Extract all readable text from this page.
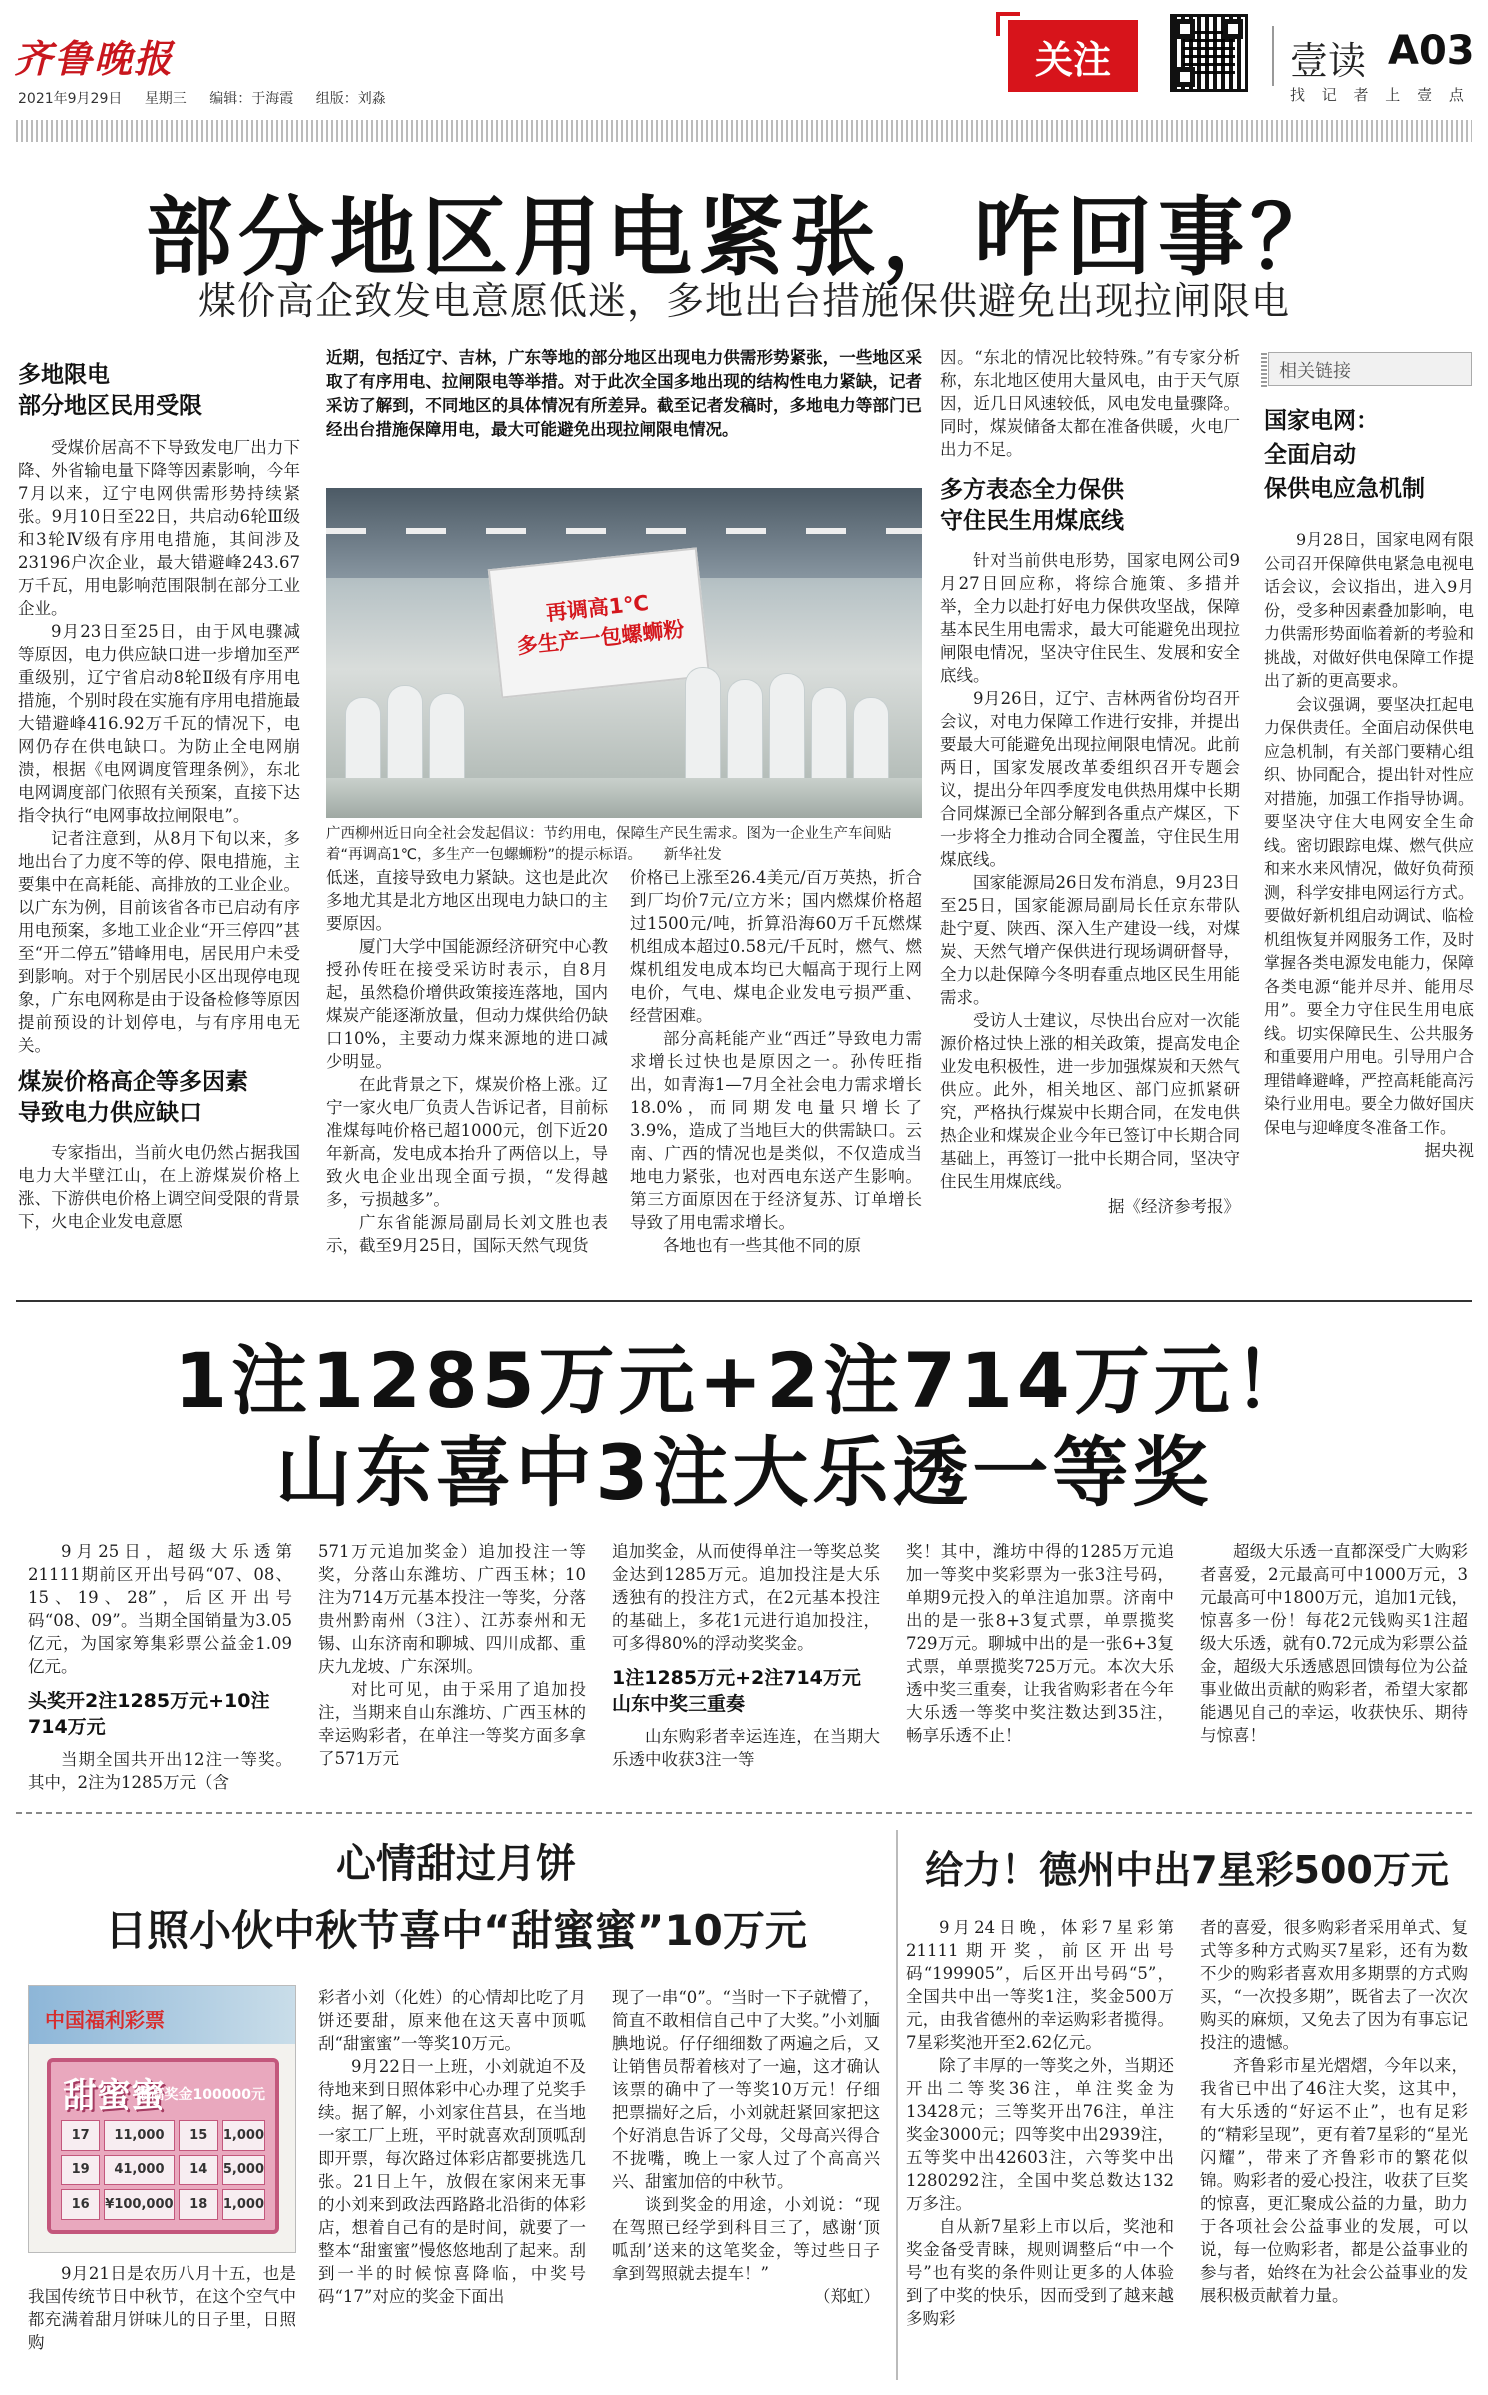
齐鲁晚报
2021年9月29日 星期三 编辑：于海霞 组版：刘淼
关注	壹读 A03
找 记 者 上 壹 点
部分地区用电紧张，咋回事？
煤价高企致发电意愿低迷，多地出台措施保供避免出现拉闸限电
多地限电
部分地区民用受限

受煤价居高不下导致发电厂出力下降、外省输电量下降等因素影响，今年7月以来，辽宁电网供需形势持续紧张。9月10日至22日，共启动6轮Ⅲ级和3轮Ⅳ级有序用电措施，其间涉及23196户次企业，最大错避峰243.67万千瓦，用电影响范围限制在部分工业企业。

9月23日至25日，由于风电骤减等原因，电力供应缺口进一步增加至严重级别，辽宁省启动8轮Ⅱ级有序用电措施，个别时段在实施有序用电措施最大错避峰416.92万千瓦的情况下，电网仍存在供电缺口。为防止全电网崩溃，根据《电网调度管理条例》，东北电网调度部门依照有关预案，直接下达指令执行“电网事故拉闸限电”。

记者注意到，从8月下旬以来，多地出台了力度不等的停、限电措施，主要集中在高耗能、高排放的工业企业。以广东为例，目前该省各市已启动有序用电预案，多地工业企业“开三停四”甚至“开二停五”错峰用电，居民用户未受到影响。对于个别居民小区出现停电现象，广东电网称是由于设备检修等原因提前预设的计划停电，与有序用电无关。

煤炭价格高企等多因素
导致电力供应缺口

专家指出，当前火电仍然占据我国电力大半壁江山，在上游煤炭价格上涨、下游供电价格上调空间受限的背景下，火电企业发电意愿

近期，包括辽宁、吉林，广东等地的部分地区出现电力供需形势紧张，一些地区采取了有序用电、拉闸限电等举措。对于此次全国多地出现的结构性电力紧缺，记者采访了解到，不同地区的具体情况有所差异。截至记者发稿时，多地电力等部门已经出台措施保障用电，最大可能避免出现拉闸限电情况。
再调高1℃
多生产一包螺蛳粉
广西柳州近日向全社会发起倡议：节约用电，保障生产民生需求。图为一企业生产车间贴着“再调高1℃，多生产一包螺蛳粉”的提示标语。　　新华社发

低迷，直接导致电力紧缺。这也是此次多地尤其是北方地区出现电力缺口的主要原因。

厦门大学中国能源经济研究中心教授孙传旺在接受采访时表示，自8月起，虽然稳价增供政策接连落地，国内煤炭产能逐渐放量，但动力煤供给仍缺口10%，主要动力煤来源地的进口减少明显。

在此背景之下，煤炭价格上涨。辽宁一家火电厂负责人告诉记者，目前标准煤每吨价格已超1000元，创下近20年新高，发电成本抬升了两倍以上，导致火电企业出现全面亏损，“发得越多，亏损越多”。

广东省能源局副局长刘文胜也表示，截至9月25日，国际天然气现货

价格已上涨至26.4美元/百万英热，折合到厂均价7元/立方米；国内燃煤价格超过1500元/吨，折算沿海60万千瓦燃煤机组成本超过0.58元/千瓦时，燃气、燃煤机组发电成本均已大幅高于现行上网电价，气电、煤电企业发电亏损严重、经营困难。

部分高耗能产业“西迁”导致电力需求增长过快也是原因之一。孙传旺指出，如青海1—7月全社会电力需求增长18.0%，而同期发电量只增长了3.9%，造成了当地巨大的供需缺口。云南、广西的情况也是类似，不仅造成当地电力紧张，也对西电东送产生影响。第三方面原因在于经济复苏、订单增长导致了用电需求增长。

各地也有一些其他不同的原

因。“东北的情况比较特殊。”有专家分析称，东北地区使用大量风电，由于天气原因，近几日风速较低，风电发电量骤降。同时，煤炭储备太都在准备供暖，火电厂出力不足。

多方表态全力保供
守住民生用煤底线

针对当前供电形势，国家电网公司9月27日回应称，将综合施策、多措并举，全力以赴打好电力保供攻坚战，保障基本民生用电需求，最大可能避免出现拉闸限电情况，坚决守住民生、发展和安全底线。

9月26日，辽宁、吉林两省份均召开会议，对电力保障工作进行安排，并提出要最大可能避免出现拉闸限电情况。此前两日，国家发展改革委组织召开专题会议，提出分年四季度发电供热用煤中长期合同煤源已全部分解到各重点产煤区，下一步将全力推动合同全覆盖，守住民生用煤底线。

国家能源局26日发布消息，9月23日至25日，国家能源局副局长任京东带队赴宁夏、陕西、深入生产建设一线，对煤炭、天然气增产保供进行现场调研督导，全力以赴保障今冬明春重点地区民生用能需求。

受访人士建议，尽快出台应对一次能源价格过快上涨的相关政策，提高发电企业发电积极性，进一步加强煤炭和天然气供应。此外，相关地区、部门应抓紧研究，严格执行煤炭中长期合同，在发电供热企业和煤炭企业今年已签订中长期合同基础上，再签订一批中长期合同，坚决守住民生用煤底线。

据《经济参考报》
相关链接
国家电网：
全面启动
保供电应急机制

9月28日，国家电网有限公司召开保障供电紧急电视电话会议，会议指出，进入9月份，受多种因素叠加影响，电力供需形势面临着新的考验和挑战，对做好供电保障工作提出了新的更高要求。

会议强调，要坚决扛起电力保供责任。全面启动保供电应急机制，有关部门要精心组织、协同配合，提出针对性应对措施，加强工作指导协调。要坚决守住大电网安全生命线。密切跟踪电煤、燃气供应和来水来风情况，做好负荷预测，科学安排电网运行方式。要做好新机组启动调试、临检机组恢复并网服务工作，及时掌握各类电源发电能力，保障各类电源“能并尽并、能用尽用”。要全力守住民生用电底线。切实保障民生、公共服务和重要用户用电。引导用户合理错峰避峰，严控高耗能高污染行业用电。要全力做好国庆保电与迎峰度冬准备工作。

据央视
1注1285万元+2注714万元！
山东喜中3注大乐透一等奖

9月25日，超级大乐透第21111期前区开出号码“07、08、15、19、28”，后区开出号码“08、09”。当期全国销量为3.05亿元，为国家筹集彩票公益金1.09亿元。

头奖开2注1285万元+10注714万元

当期全国共开出12注一等奖。其中，2注为1285万元（含

571万元追加奖金）追加投注一等奖，分落山东潍坊、广西玉林；10注为714万元基本投注一等奖，分落贵州黔南州（3注）、江苏泰州和无锡、山东济南和聊城、四川成都、重庆九龙坡、广东深圳。

对比可见，由于采用了追加投注，当期来自山东潍坊、广西玉林的幸运购彩者，在单注一等奖方面多拿了571万元

追加奖金，从而使得单注一等奖总奖金达到1285万元。追加投注是大乐透独有的投注方式，在2元基本投注的基础上，多花1元进行追加投注，可多得80%的浮动奖奖金。

1注1285万元+2注714万元
山东中奖三重奏

山东购彩者幸运连连，在当期大乐透中收获3注一等

奖！其中，潍坊中得的1285万元追加一等奖中奖彩票为一张3注号码，单期9元投入的单注追加票。济南中出的是一张8+3复式票，单票揽奖729万元。聊城中出的是一张6+3复式票，单票揽奖725万元。本次大乐透中奖三重奏，让我省购彩者在今年大乐透一等奖中奖注数达到35注，畅享乐透不止！

超级大乐透一直都深受广大购彩者喜爱，2元最高可中1000万元，3元最高可中1800万元，追加1元钱，惊喜多一份！每花2元钱购买1注超级大乐透，就有0.72元成为彩票公益金，超级大乐透感恩回馈每位为公益事业做出贡献的购彩者，希望大家都能遇见自己的幸运，收获快乐、期待与惊喜！

心情甜过月饼
日照小伙中秋节喜中“甜蜜蜜”10万元
中国福利彩票
甜蜜蜜
最高奖金100000元
17	11,000	15	1,000
19	41,000	14	5,000
16	¥100,000	18	1,000

9月21日是农历八月十五，也是我国传统节日中秋节，在这个空气中都充满着甜月饼味儿的日子里，日照购

彩者小刘（化姓）的心情却比吃了月饼还要甜，原来他在这天喜中顶呱刮“甜蜜蜜”一等奖10万元。

9月22日一上班，小刘就迫不及待地来到日照体彩中心办理了兑奖手续。据了解，小刘家住莒县，在当地一家工厂上班，平时就喜欢刮顶呱刮即开票，每次路过体彩店都要挑选几张。21日上午，放假在家闲来无事的小刘来到政法西路路北沿街的体彩店，想着自己有的是时间，就要了一整本“甜蜜蜜”慢悠悠地刮了起来。刮到一半的时候惊喜降临，中奖号码“17”对应的奖金下面出

现了一串“0”。“当时一下子就懵了，简直不敢相信自己中了大奖。”小刘腼腆地说。仔仔细细数了两遍之后，又让销售员帮着核对了一遍，这才确认该票的确中了一等奖10万元！仔细把票揣好之后，小刘就赶紧回家把这个好消息告诉了父母，父母高兴得合不拢嘴，晚上一家人过了个高高兴兴、甜蜜加倍的中秋节。

谈到奖金的用途，小刘说：“现在驾照已经学到科目三了，感谢‘顶呱刮’送来的这笔奖金，等过些日子拿到驾照就去提车！”

（郑虹）
给力！德州中出7星彩500万元

9月24日晚，体彩7星彩第21111期开奖，前区开出号码“199905”，后区开出号码“5”，全国共中出一等奖1注，奖金500万元，由我省德州的幸运购彩者揽得。7星彩奖池开至2.62亿元。

除了丰厚的一等奖之外，当期还开出二等奖36注，单注奖金为13428元；三等奖开出76注，单注奖金3000元；四等奖中出2939注，五等奖中出42603注，六等奖中出1280292注，全国中奖总数达132万多注。

自从新7星彩上市以后，奖池和奖金备受青睐，规则调整后“中一个号”也有奖的条件则让更多的人体验到了中奖的快乐，因而受到了越来越多购彩

者的喜爱，很多购彩者采用单式、复式等多种方式购买7星彩，还有为数不少的购彩者喜欢用多期票的方式购买，“一次投多期”，既省去了一次次购买的麻烦，又免去了因为有事忘记投注的遗憾。

齐鲁彩市星光熠熠，今年以来，我省已中出了46注大奖，这其中，有大乐透的“好运不止”，也有足彩的“精彩呈现”，更有着7星彩的“星光闪耀”，带来了齐鲁彩市的繁花似锦。购彩者的爱心投注，收获了巨奖的惊喜，更汇聚成公益的力量，助力于各项社会公益事业的发展，可以说，每一位购彩者，都是公益事业的参与者，始终在为社会公益事业的发展积极贡献着力量。
